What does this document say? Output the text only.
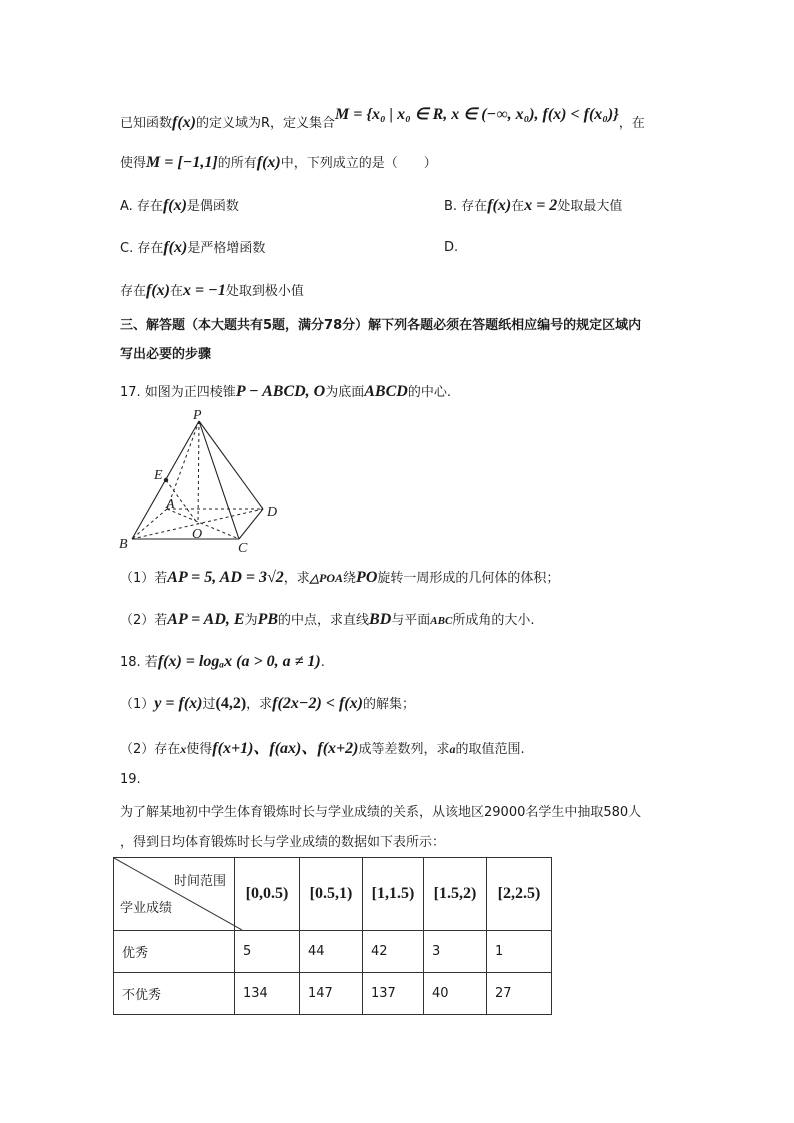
已知函数f(x)的定义域为R，定义集合M = {x₀ | x₀ ∈ R, x ∈ (−∞, x₀), f(x) < f(x₀)}，在
使得M = [−1,1]的所有f(x)中，下列成立的是（　　）
A. 存在f(x)是偶函数	B. 存在f(x)在x = 2处取最大值
C. 存在f(x)是严格增函数	D.
存在f(x)在x = −1处取到极小值
三、解答题（本大题共有5题，满分78分）解下列各题必须在答题纸相应编号的规定区域内
写出必要的步骤
17. 如图为正四棱锥P − ABCD, O为底面ABCD的中心.
P
E
A
D
O
B	C
（1）若AP = 5, AD = 3√2，求△POA绕PO旋转一周形成的几何体的体积；
（2）若AP = AD, E为PB的中点，求直线BD与平面ABC所成角的大小.
18. 若f(x) = logₐx (a > 0, a ≠ 1).
（1）y = f(x)过(4,2)，求f(2x−2) < f(x)的解集；
（2）存在x使得f(x+1)、f(ax)、f(x+2)成等差数列，求a的取值范围.
19.
为了解某地初中学生体育锻炼时长与学业成绩的关系，从该地区29000名学生中抽取580人
，得到日均体育锻炼时长与学业成绩的数据如下表所示：
时间范围
学业成绩	[0,0.5)	[0.5,1)	[1,1.5)	[1.5,2)	[2,2.5)
优秀	5	44	42	3	1
不优秀	134	147	137	40	27
